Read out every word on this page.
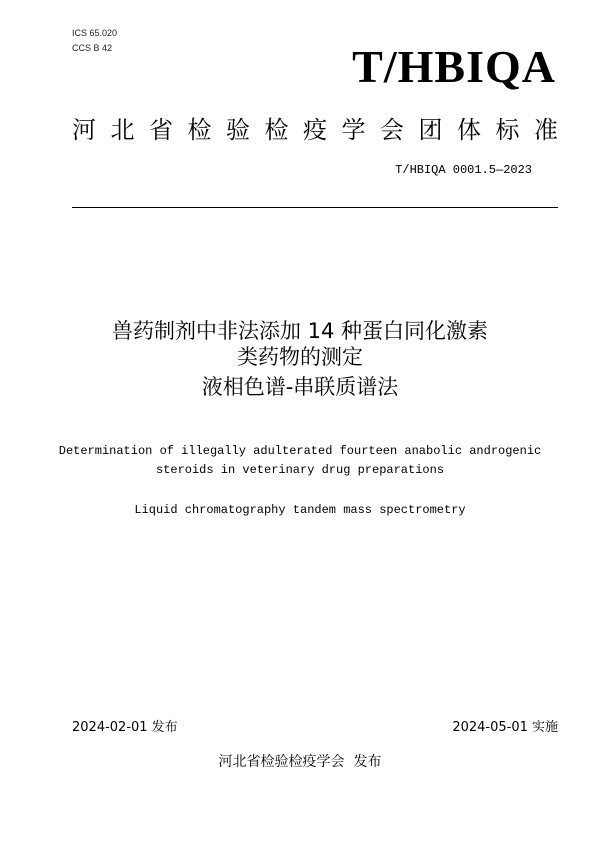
ICS 65.020
CCS B 42	T/HBIQA
河 北 省 检 验 检 疫 学 会 团 体 标 准
T/HBIQA 0001.5—2023
兽药制剂中非法添加 14 种蛋白同化激素
类药物的测定
液相色谱-串联质谱法
Determination of illegally adulterated fourteen anabolic androgenic
steroids in veterinary drug preparations
Liquid chromatography tandem mass spectrometry
2024-02-01 发布	2024-05-01 实施
河北省检验检疫学会  发布
